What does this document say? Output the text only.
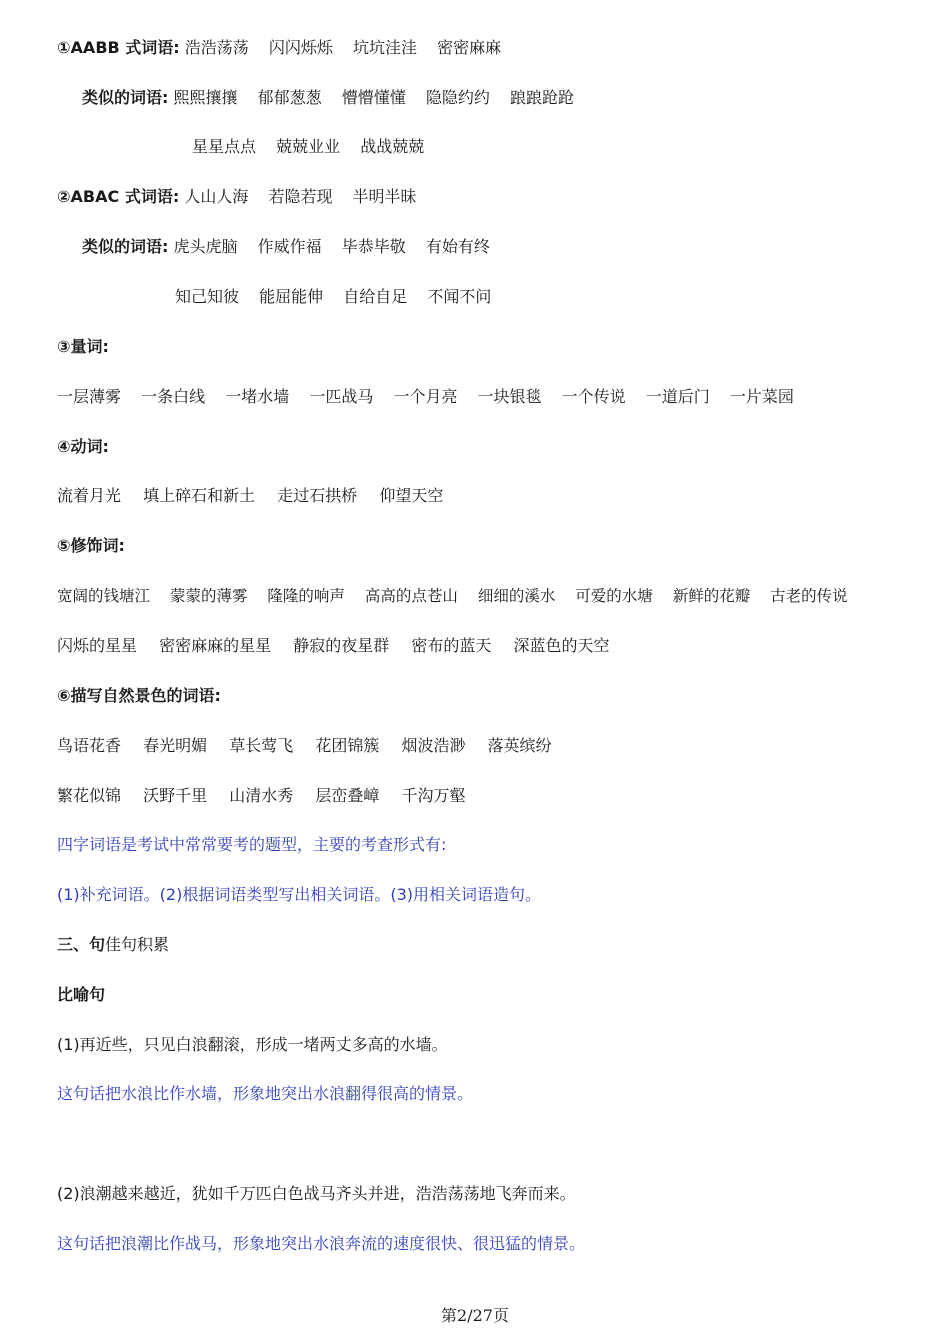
①AABB 式词语: 浩浩荡荡 闪闪烁烁 坑坑洼洼 密密麻麻
类似的词语: 熙熙攘攘 郁郁葱葱 懵懵懂懂 隐隐约约 踉踉跄跄
星星点点 兢兢业业 战战兢兢
②ABAC 式词语: 人山人海 若隐若现 半明半昧
类似的词语: 虎头虎脑 作威作福 毕恭毕敬 有始有终
知己知彼 能屈能伸 自给自足 不闻不问
③量词:
一层薄雾 一条白线 一堵水墙 一匹战马 一个月亮 一块银毯 一个传说 一道后门 一片菜园
④动词:
流着月光 填上碎石和新土 走过石拱桥 仰望天空
⑤修饰词:
宽阔的钱塘江 蒙蒙的薄雾 隆隆的响声 高高的点苍山 细细的溪水 可爱的水塘 新鲜的花瓣 古老的传说
闪烁的星星 密密麻麻的星星 静寂的夜星群 密布的蓝天 深蓝色的天空
⑥描写自然景色的词语:
鸟语花香 春光明媚 草长莺飞 花团锦簇 烟波浩渺 落英缤纷
繁花似锦 沃野千里 山清水秀 层峦叠嶂 千沟万壑
四字词语是考试中常常要考的题型，主要的考查形式有:
(1)补充词语。(2)根据词语类型写出相关词语。(3)用相关词语造句。
三、句佳句积累
比喻句
(1)再近些，只见白浪翻滚，形成一堵两丈多高的水墙。
这句话把水浪比作水墙，形象地突出水浪翻得很高的情景。
(2)浪潮越来越近，犹如千万匹白色战马齐头并进，浩浩荡荡地飞奔而来。
这句话把浪潮比作战马，形象地突出水浪奔流的速度很快、很迅猛的情景。
第2/27页
